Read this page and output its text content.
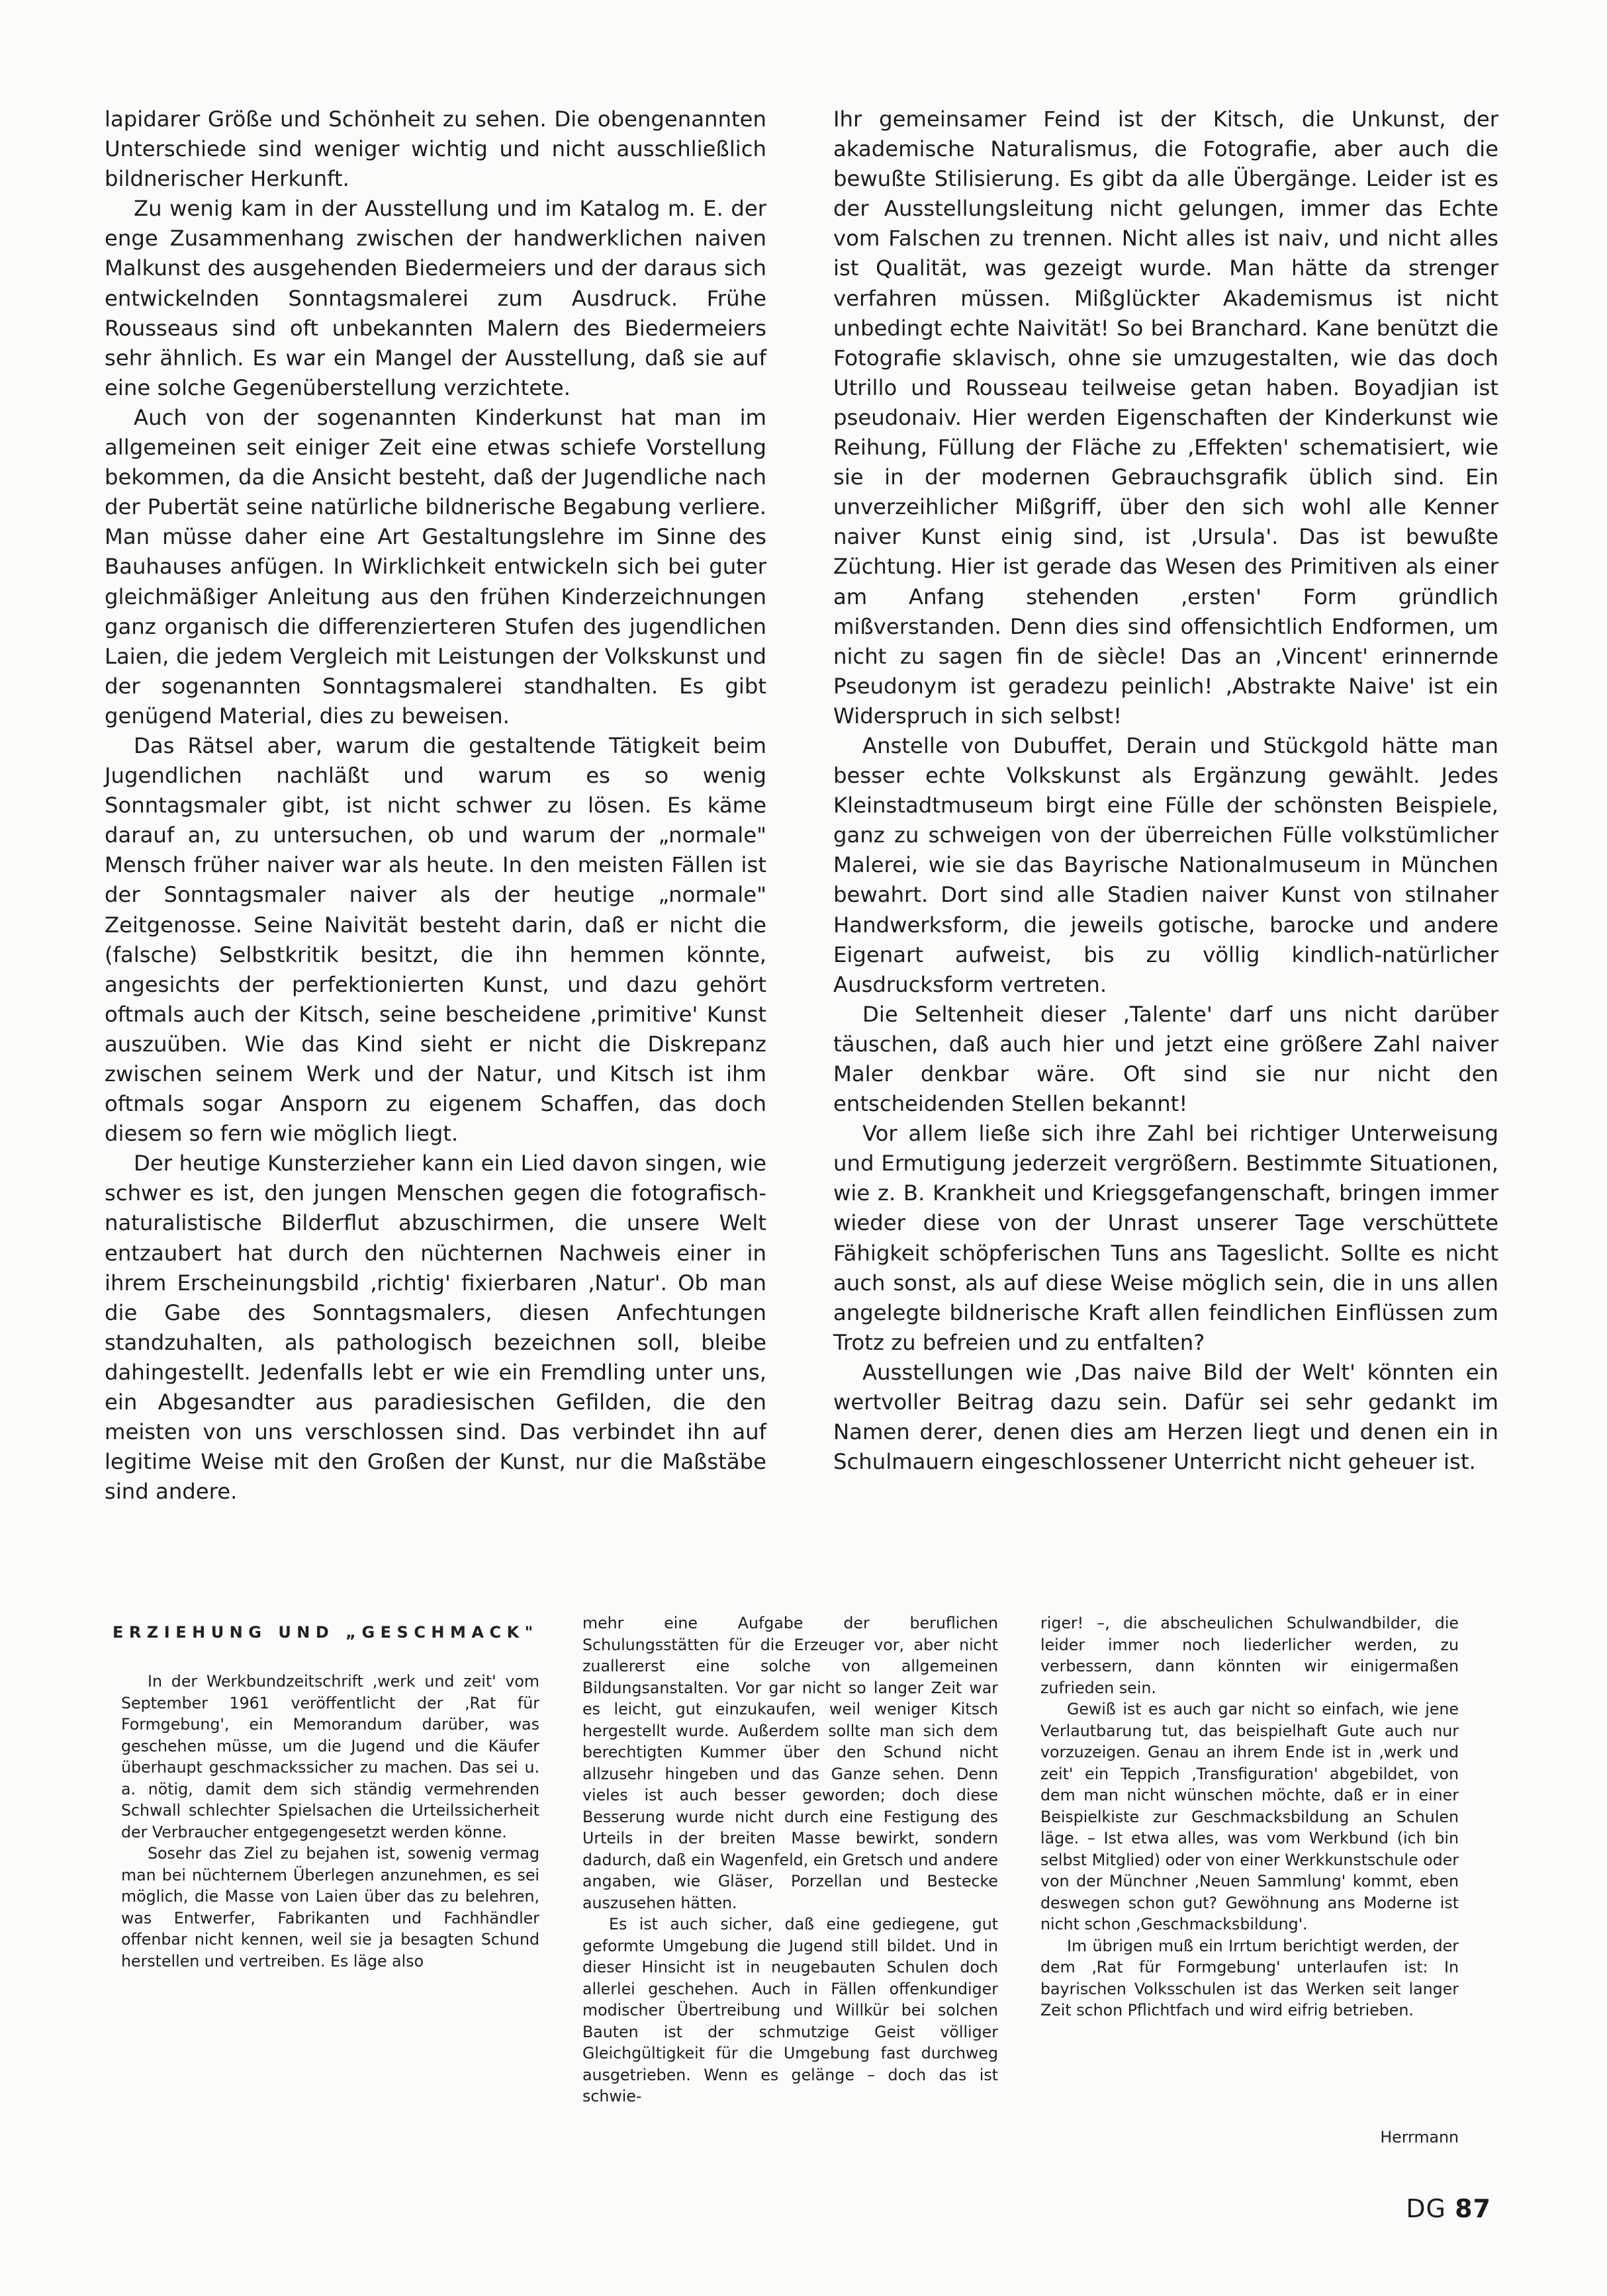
lapidarer Größe und Schönheit zu sehen. Die obengenannten Unterschiede sind weniger wichtig und nicht ausschließlich bildnerischer Herkunft.

Zu wenig kam in der Ausstellung und im Katalog m. E. der enge Zusammenhang zwischen der handwerklichen naiven Malkunst des ausgehenden Biedermeiers und der daraus sich entwickelnden Sonntagsmalerei zum Ausdruck. Frühe Rousseaus sind oft unbekannten Malern des Biedermeiers sehr ähnlich. Es war ein Mangel der Ausstellung, daß sie auf eine solche Gegenüberstellung verzichtete.

Auch von der sogenannten Kinderkunst hat man im allgemeinen seit einiger Zeit eine etwas schiefe Vorstellung bekommen, da die Ansicht besteht, daß der Jugendliche nach der Pubertät seine natürliche bildnerische Begabung verliere. Man müsse daher eine Art Gestaltungslehre im Sinne des Bauhauses anfügen. In Wirklichkeit entwickeln sich bei guter gleichmäßiger Anleitung aus den frühen Kinderzeichnungen ganz organisch die differenzierteren Stufen des jugendlichen Laien, die jedem Vergleich mit Leistungen der Volkskunst und der sogenannten Sonntagsmalerei standhalten. Es gibt genügend Material, dies zu beweisen.

Das Rätsel aber, warum die gestaltende Tätigkeit beim Jugendlichen nachläßt und warum es so wenig Sonntagsmaler gibt, ist nicht schwer zu lösen. Es käme darauf an, zu untersuchen, ob und warum der „normale" Mensch früher naiver war als heute. In den meisten Fällen ist der Sonntagsmaler naiver als der heutige „normale" Zeitgenosse. Seine Naivität besteht darin, daß er nicht die (falsche) Selbstkritik besitzt, die ihn hemmen könnte, angesichts der perfektionierten Kunst, und dazu gehört oftmals auch der Kitsch, seine bescheidene ‚primitive' Kunst auszuüben. Wie das Kind sieht er nicht die Diskrepanz zwischen seinem Werk und der Natur, und Kitsch ist ihm oftmals sogar Ansporn zu eigenem Schaffen, das doch diesem so fern wie möglich liegt.

Der heutige Kunsterzieher kann ein Lied davon singen, wie schwer es ist, den jungen Menschen gegen die fotografisch-naturalistische Bilderflut abzuschirmen, die unsere Welt entzaubert hat durch den nüchternen Nachweis einer in ihrem Erscheinungsbild ‚richtig' fixierbaren ‚Natur'. Ob man die Gabe des Sonntagsmalers, diesen Anfechtungen standzuhalten, als pathologisch bezeichnen soll, bleibe dahingestellt. Jedenfalls lebt er wie ein Fremdling unter uns, ein Abgesandter aus paradiesischen Gefilden, die den meisten von uns verschlossen sind. Das verbindet ihn auf legitime Weise mit den Großen der Kunst, nur die Maßstäbe sind andere.

Ihr gemeinsamer Feind ist der Kitsch, die Unkunst, der akademische Naturalismus, die Fotografie, aber auch die bewußte Stilisierung. Es gibt da alle Übergänge. Leider ist es der Ausstellungsleitung nicht gelungen, immer das Echte vom Falschen zu trennen. Nicht alles ist naiv, und nicht alles ist Qualität, was gezeigt wurde. Man hätte da strenger verfahren müssen. Mißglückter Akademismus ist nicht unbedingt echte Naivität! So bei Branchard. Kane benützt die Fotografie sklavisch, ohne sie umzugestalten, wie das doch Utrillo und Rousseau teilweise getan haben. Boyadjian ist pseudonaiv. Hier werden Eigenschaften der Kinderkunst wie Reihung, Füllung der Fläche zu ‚Effekten' schematisiert, wie sie in der modernen Gebrauchsgrafik üblich sind. Ein unverzeihlicher Mißgriff, über den sich wohl alle Kenner naiver Kunst einig sind, ist ‚Ursula'. Das ist bewußte Züchtung. Hier ist gerade das Wesen des Primitiven als einer am Anfang stehenden ‚ersten' Form gründlich mißverstanden. Denn dies sind offensichtlich Endformen, um nicht zu sagen fin de siècle! Das an ‚Vincent' erinnernde Pseudonym ist geradezu peinlich! ‚Abstrakte Naive' ist ein Widerspruch in sich selbst!

Anstelle von Dubuffet, Derain und Stückgold hätte man besser echte Volkskunst als Ergänzung gewählt. Jedes Kleinstadtmuseum birgt eine Fülle der schönsten Beispiele, ganz zu schweigen von der überreichen Fülle volkstümlicher Malerei, wie sie das Bayrische Nationalmuseum in München bewahrt. Dort sind alle Stadien naiver Kunst von stilnaher Handwerksform, die jeweils gotische, barocke und andere Eigenart aufweist, bis zu völlig kindlich-natürlicher Ausdrucksform vertreten.

Die Seltenheit dieser ‚Talente' darf uns nicht darüber täuschen, daß auch hier und jetzt eine größere Zahl naiver Maler denkbar wäre. Oft sind sie nur nicht den entscheidenden Stellen bekannt!

Vor allem ließe sich ihre Zahl bei richtiger Unterweisung und Ermutigung jederzeit vergrößern. Bestimmte Situationen, wie z. B. Krankheit und Kriegsgefangenschaft, bringen immer wieder diese von der Unrast unserer Tage verschüttete Fähigkeit schöpferischen Tuns ans Tageslicht. Sollte es nicht auch sonst, als auf diese Weise möglich sein, die in uns allen angelegte bildnerische Kraft allen feindlichen Einflüssen zum Trotz zu befreien und zu entfalten?

Ausstellungen wie ‚Das naive Bild der Welt' könnten ein wertvoller Beitrag dazu sein. Dafür sei sehr gedankt im Namen derer, denen dies am Herzen liegt und denen ein in Schulmauern eingeschlossener Unterricht nicht geheuer ist.

ERZIEHUNG UND „GESCHMACK"

In der Werkbundzeitschrift ‚werk und zeit' vom September 1961 veröffentlicht der ‚Rat für Formgebung', ein Memorandum darüber, was geschehen müsse, um die Jugend und die Käufer überhaupt geschmackssicher zu machen. Das sei u. a. nötig, damit dem sich ständig vermehrenden Schwall schlechter Spielsachen die Urteilssicherheit der Verbraucher entgegengesetzt werden könne.

Sosehr das Ziel zu bejahen ist, sowenig vermag man bei nüchternem Überlegen anzunehmen, es sei möglich, die Masse von Laien über das zu belehren, was Entwerfer, Fabrikanten und Fachhändler offenbar nicht kennen, weil sie ja besagten Schund herstellen und vertreiben. Es läge also

mehr eine Aufgabe der beruflichen Schulungsstätten für die Erzeuger vor, aber nicht zuallererst eine solche von allgemeinen Bildungsanstalten. Vor gar nicht so langer Zeit war es leicht, gut einzukaufen, weil weniger Kitsch hergestellt wurde. Außerdem sollte man sich dem berechtigten Kummer über den Schund nicht allzusehr hingeben und das Ganze sehen. Denn vieles ist auch besser geworden; doch diese Besserung wurde nicht durch eine Festigung des Urteils in der breiten Masse bewirkt, sondern dadurch, daß ein Wagenfeld, ein Gretsch und andere angaben, wie Gläser, Porzellan und Bestecke auszusehen hätten.

Es ist auch sicher, daß eine gediegene, gut geformte Umgebung die Jugend still bildet. Und in dieser Hinsicht ist in neugebauten Schulen doch allerlei geschehen. Auch in Fällen offenkundiger modischer Übertreibung und Willkür bei solchen Bauten ist der schmutzige Geist völliger Gleichgültigkeit für die Umgebung fast durchweg ausgetrieben. Wenn es gelänge – doch das ist schwie-

riger! –, die abscheulichen Schulwandbilder, die leider immer noch liederlicher werden, zu verbessern, dann könnten wir einigermaßen zufrieden sein.

Gewiß ist es auch gar nicht so einfach, wie jene Verlautbarung tut, das beispielhaft Gute auch nur vorzuzeigen. Genau an ihrem Ende ist in ‚werk und zeit' ein Teppich ‚Transfiguration' abgebildet, von dem man nicht wünschen möchte, daß er in einer Beispielkiste zur Geschmacksbildung an Schulen läge. – Ist etwa alles, was vom Werkbund (ich bin selbst Mitglied) oder von einer Werkkunstschule oder von der Münchner ‚Neuen Sammlung' kommt, eben deswegen schon gut? Gewöhnung ans Moderne ist nicht schon ‚Geschmacksbildung'.

Im übrigen muß ein Irrtum berichtigt werden, der dem ‚Rat für Formgebung' unterlaufen ist: In bayrischen Volksschulen ist das Werken seit langer Zeit schon Pflichtfach und wird eifrig betrieben.

Herrmann

DG 87
